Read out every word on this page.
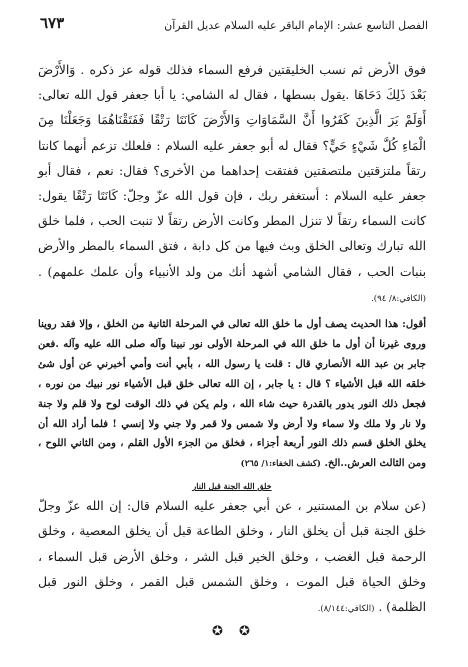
٦٧٣	الفصل التاسع عشر: الإمام الباقر عليه السلام عديل القرآن

فوق الأرض ثم نسب الخليقتين فرفع السماء فذلك قوله عز ذكره . وَالأَرْضَ بَعْدَ ذَلِكَ دَحَاهَا .يقول بسطها ، فقال له الشامي: يا أبا جعفر قول الله تعالى: أَوَلَمْ يَرَ الَّذِينَ كَفَرُوا أَنَّ السَّمَاوَاتِ وَالأَرْضَ كَانَتَا رَتْقًا فَفَتَقْنَاهُمَا وَجَعَلْنَا مِنَ الْمَاءِ كُلَّ شَيْءٍ حَيٍّ؟ فقال له أبو جعفر عليه السلام : فلعلك تزعم أنهما كانتا رتقاً ملتزقتين ملتصقتين ففتقت إحداهما من الأخرى؟ فقال: نعم ، فقال أبو جعفر عليه السلام : أستغفر ربك ، فإن قول الله عزّ وجلّ: كَانَتَا رَتْقًا يقول: كانت السماء رتقاً لا تنزل المطر وكانت الأرض رتقاً لا تنبت الحب ، فلما خلق الله تبارك وتعالى الخلق وبث فيها من كل دابة ، فتق السماء بالمطر والأرض بنبات الحب ، فقال الشامي أشهد أنك من ولد الأنبياء وأن علمك علمهم) . (الكافي:٨/ ٩٤).

أقول: هذا الحديث يصف أول ما خلق الله تعالى في المرحلة الثانية من الخلق ، وإلا فقد روينا وروى غيرنا أن أول ما خلق الله في المرحلة الأولى نور نبينا وآله صلى الله عليه وآله .فعن جابر بن عبد الله الأنصاري قال : قلت يا رسول الله ، بأبي أنت وأمي أخبرني عن أول شئ خلقه الله قبل الأشياء ؟ قال : يا جابر ، إن الله تعالى خلق قبل الأشياء نور نبيك من نوره ، فجعل ذلك النور يدور بالقدرة حيث شاء الله ، ولم يكن في ذلك الوقت لوح ولا قلم ولا جنة ولا نار ولا ملك ولا سماء ولا أرض ولا شمس ولا قمر ولا جني ولا إنسي ! فلما أراد الله أن يخلق الخلق قسم ذلك النور أربعة أجزاء ، فخلق من الجزء الأول القلم ، ومن الثاني اللوح ، ومن الثالث العرش..الخ. (كشف الخفاء:١/ ٢٦٥)

خلق الله الجنة قبل النار

(عن سلام بن المستنير ، عن أبي جعفر عليه السلام قال: إن الله عزّ وجلّ خلق الجنة قبل أن يخلق النار ، وخلق الطاعة قبل أن يخلق المعصية ، وخلق الرحمة قبل الغضب ، وخلق الخير قبل الشر ، وخلق الأرض قبل السماء ، وخلق الحياة قبل الموت ، وخلق الشمس قبل القمر ، وخلق النور قبل الظلمة) . (الكافي:٨/١٤٤).

✪ ✪
